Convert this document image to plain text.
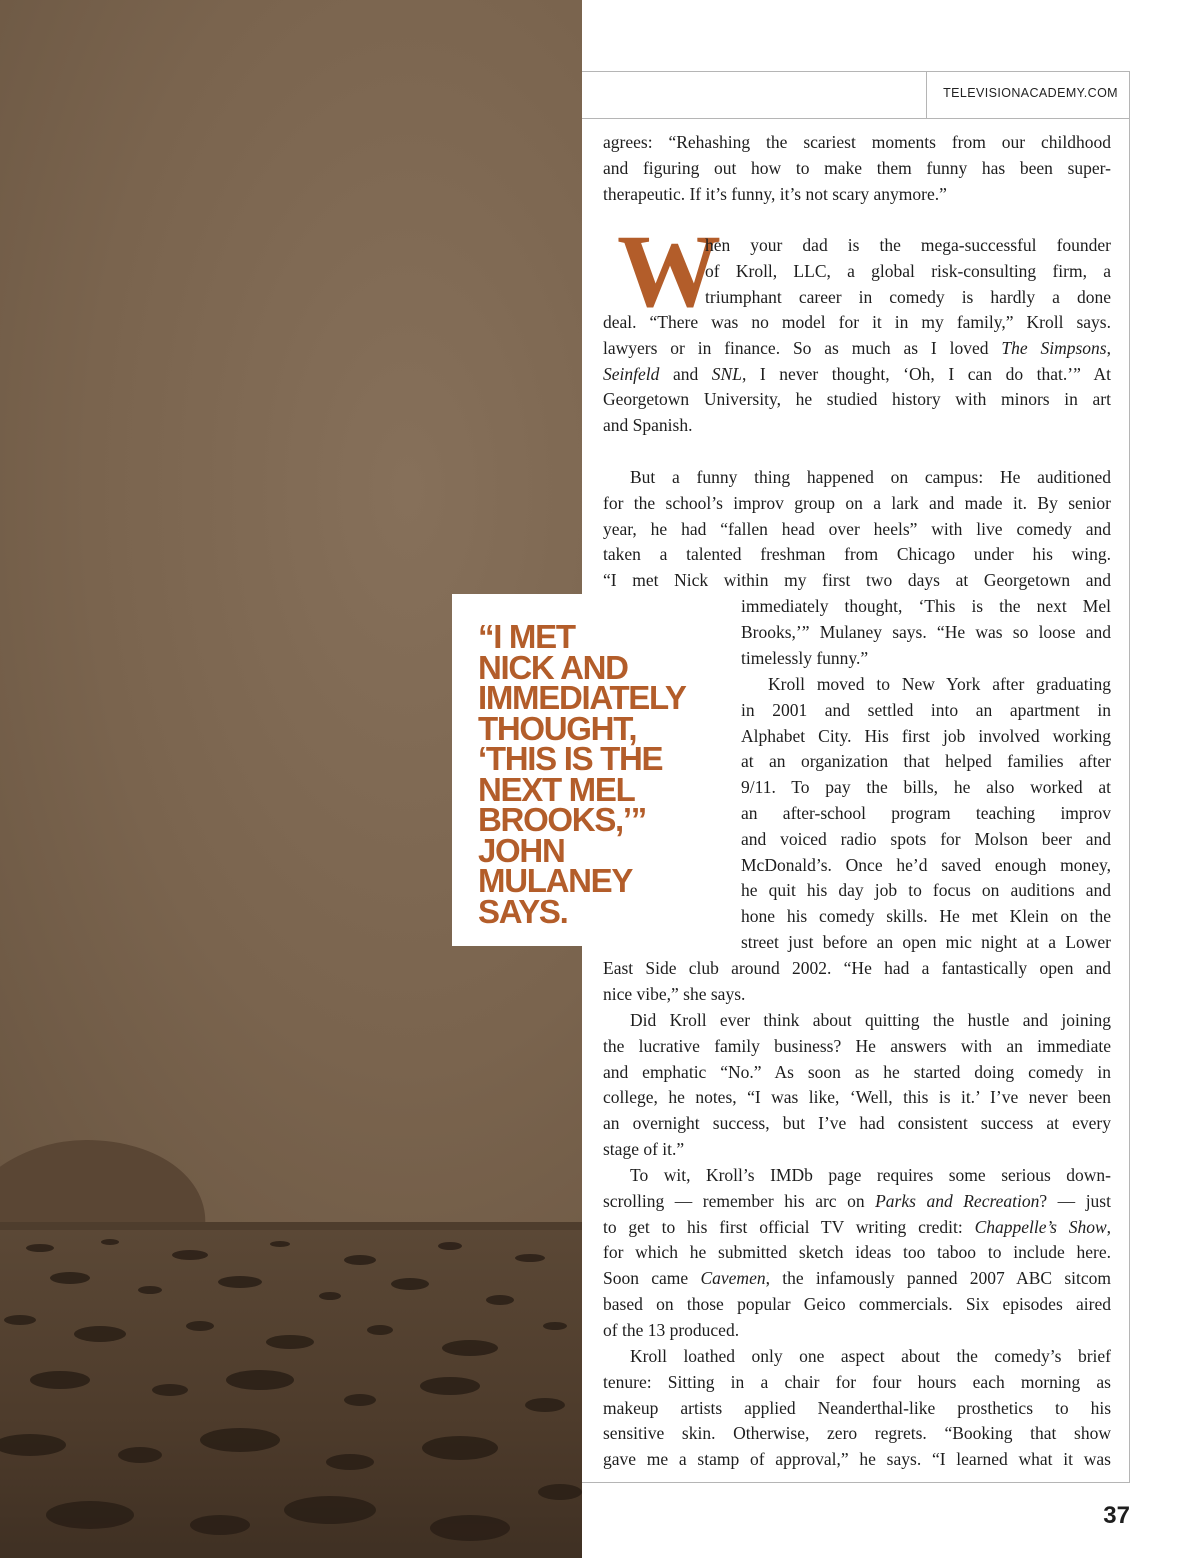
TELEVISIONACADEMY.COM
agrees: “Rehashing the scariest moments from our childhood
and figuring out how to make them funny has been super-
therapeutic. If it’s funny, it’s not scary anymore.”
W
hen your dad is the mega-successful founder
of Kroll, LLC, a global risk-consulting firm, a
triumphant career in comedy is hardly a done
deal. “There was no model for it in my family,” Kroll says.
lawyers or in finance. So as much as I loved The Simpsons,
Seinfeld and SNL, I never thought, ‘Oh, I can do that.’” At
Georgetown University, he studied history with minors in art
and Spanish.
But a funny thing happened on campus: He auditioned
for the school’s improv group on a lark and made it. By senior
year, he had “fallen head over heels” with live comedy and
taken a talented freshman from Chicago under his wing.
“I met Nick within my first two days at Georgetown and
immediately thought, ‘This is the next Mel
Brooks,’” Mulaney says. “He was so loose and
timelessly funny.”
Kroll moved to New York after graduating
in 2001 and settled into an apartment in
Alphabet City. His first job involved working
at an organization that helped families after
9/11. To pay the bills, he also worked at
an after-school program teaching improv
and voiced radio spots for Molson beer and
McDonald’s. Once he’d saved enough money,
he quit his day job to focus on auditions and
hone his comedy skills. He met Klein on the
street just before an open mic night at a Lower
East Side club around 2002. “He had a fantastically open and
nice vibe,” she says.
Did Kroll ever think about quitting the hustle and joining
the lucrative family business? He answers with an immediate
and emphatic “No.” As soon as he started doing comedy in
college, he notes, “I was like, ‘Well, this is it.’ I’ve never been
an overnight success, but I’ve had consistent success at every
stage of it.”
To wit, Kroll’s IMDb page requires some serious down-
scrolling — remember his arc on Parks and Recreation? — just
to get to his first official TV writing credit: Chappelle’s Show,
for which he submitted sketch ideas too taboo to include here.
Soon came Cavemen, the infamously panned 2007 ABC sitcom
based on those popular Geico commercials. Six episodes aired
of the 13 produced.
Kroll loathed only one aspect about the comedy’s brief
tenure: Sitting in a chair for four hours each morning as
makeup artists applied Neanderthal-like prosthetics to his
sensitive skin. Otherwise, zero regrets. “Booking that show
gave me a stamp of approval,” he says. “I learned what it was
“I MET
NICK AND
IMMEDIATELY
THOUGHT,
‘THIS IS THE
NEXT MEL
BROOKS,’”
JOHN
MULANEY
SAYS.
37
